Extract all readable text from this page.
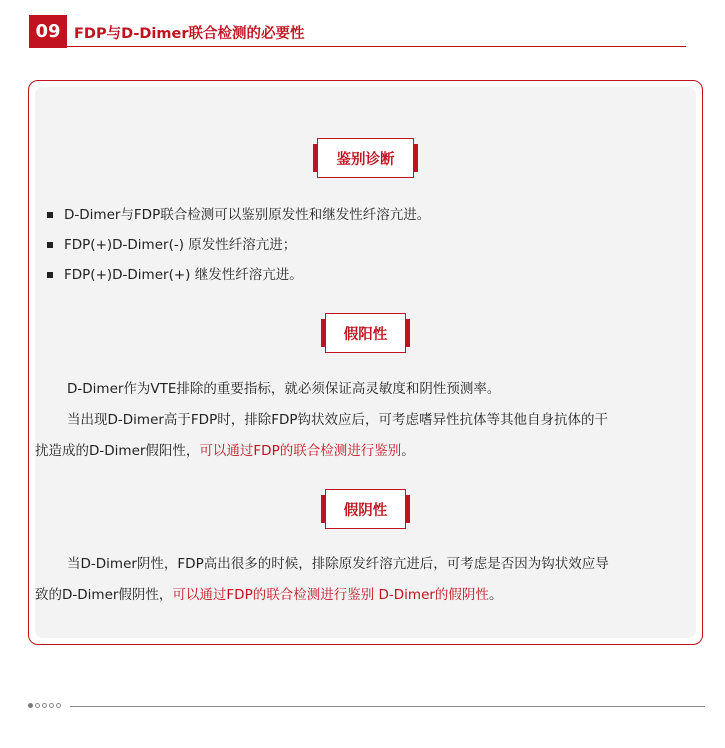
09 FDP与D-Dimer联合检测的必要性
鉴别诊断
D-Dimer与FDP联合检测可以鉴别原发性和继发性纤溶亢进。
FDP(+)D-Dimer(-) 原发性纤溶亢进；
FDP(+)D-Dimer(+) 继发性纤溶亢进。
假阳性
D-Dimer作为VTE排除的重要指标，就必须保证高灵敏度和阴性预测率。
当出现D-Dimer高于FDP时，排除FDP钩状效应后，可考虑嗜异性抗体等其他自身抗体的干
扰造成的D-Dimer假阳性，可以通过FDP的联合检测进行鉴别。
假阴性
当D-Dimer阴性，FDP高出很多的时候，排除原发纤溶亢进后，可考虑是否因为钩状效应导
致的D-Dimer假阴性，可以通过FDP的联合检测进行鉴别 D-Dimer的假阴性。
